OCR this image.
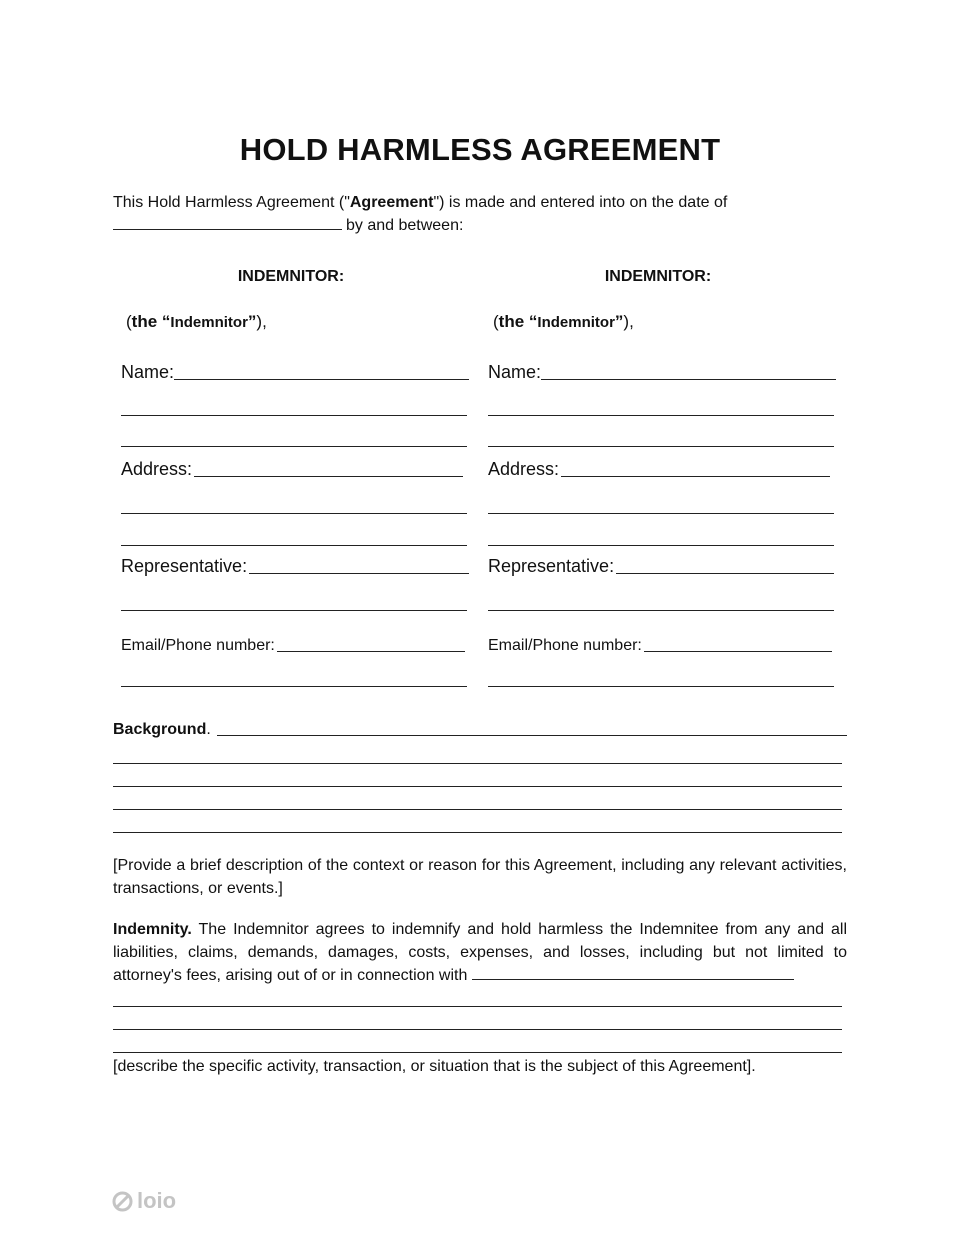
HOLD HARMLESS AGREEMENT
This Hold Harmless Agreement ("Agreement") is made and entered into on the date of
by and between:
INDEMNITOR:
(the “Indemnitor”),
Name:
Address:
Representative:
Email/Phone number:
INDEMNITOR:
(the “Indemnitor”),
Name:
Address:
Representative:
Email/Phone number:
Background .
[Provide a brief description of the context or reason for this Agreement, including any relevant activities, transactions, or events.]
Indemnity. The Indemnitor agrees to indemnify and hold harmless the Indemnitee from any and all liabilities, claims, demands, damages, costs, expenses, and losses, including but not limited to attorney's fees, arising out of or in connection with
[describe the specific activity, transaction, or situation that is the subject of this Agreement].
loio
